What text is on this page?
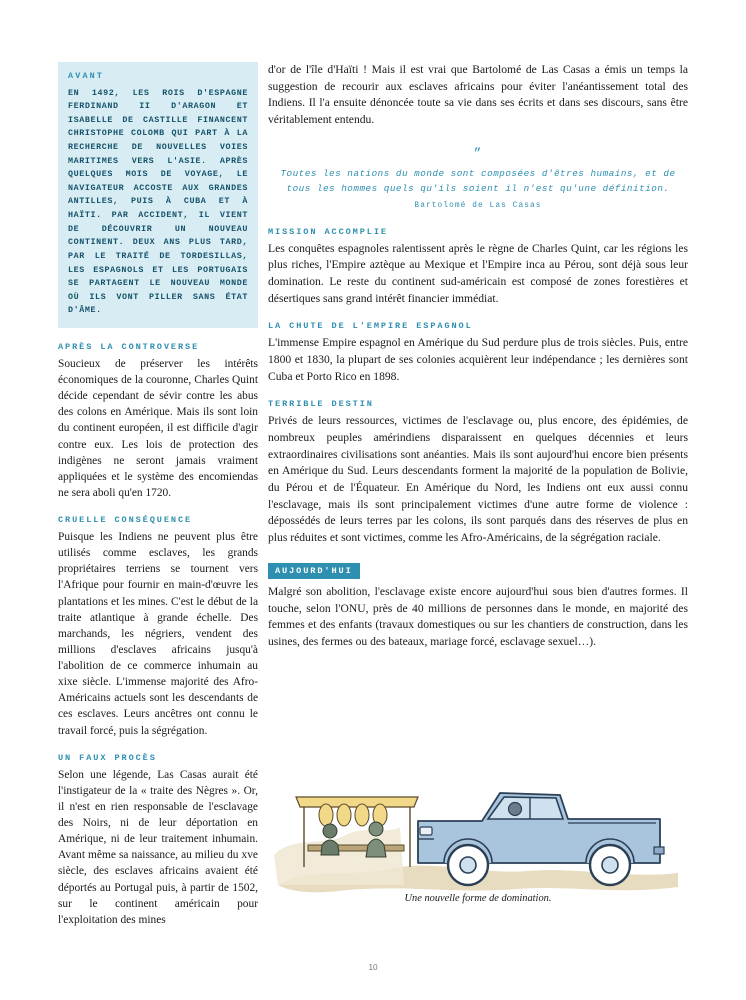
AVANT
EN 1492, LES ROIS D'ESPAGNE FERDINAND II D'ARAGON ET ISABELLE DE CASTILLE FINANCENT CHRISTOPHE COLOMB QUI PART À LA RECHERCHE DE NOUVELLES VOIES MARITIMES VERS L'ASIE. APRÈS QUELQUES MOIS DE VOYAGE, LE NAVIGATEUR ACCOSTE AUX GRANDES ANTILLES, PUIS À CUBA ET À HAÏTI. PAR ACCIDENT, IL VIENT DE DÉCOUVRIR UN NOUVEAU CONTINENT. DEUX ANS PLUS TARD, PAR LE TRAITÉ DE TORDESILLAS, LES ESPAGNOLS ET LES PORTUGAIS SE PARTAGENT LE NOUVEAU MONDE OÙ ILS VONT PILLER SANS ÉTAT D'ÂME.
APRÈS LA CONTROVERSE

Soucieux de préserver les intérêts économiques de la couronne, Charles Quint décide cependant de sévir contre les abus des colons en Amérique. Mais ils sont loin du continent européen, il est difficile d'agir contre eux. Les lois de protection des indigènes ne seront jamais vraiment appliquées et le système des encomiendas ne sera aboli qu'en 1720.

CRUELLE CONSÉQUENCE

Puisque les Indiens ne peuvent plus être utilisés comme esclaves, les grands propriétaires terriens se tournent vers l'Afrique pour fournir en main-d'œuvre les plantations et les mines. C'est le début de la traite atlantique à grande échelle. Des marchands, les négriers, vendent des millions d'esclaves africains jusqu'à l'abolition de ce commerce inhumain au xixe siècle. L'immense majorité des Afro-Américains actuels sont les descendants de ces esclaves. Leurs ancêtres ont connu le travail forcé, puis la ségrégation.

UN FAUX PROCÈS

Selon une légende, Las Casas aurait été l'instigateur de la « traite des Nègres ». Or, il n'est en rien responsable de l'esclavage des Noirs, ni de leur déportation en Amérique, ni de leur traitement inhumain. Avant même sa naissance, au milieu du xve siècle, des esclaves africains avaient été déportés au Portugal puis, à partir de 1502, sur le continent américain pour l'exploitation des mines

d'or de l'île d'Haïti ! Mais il est vrai que Bartolomé de Las Casas a émis un temps la suggestion de recourir aux esclaves africains pour éviter l'anéantissement total des Indiens. Il l'a ensuite dénoncée toute sa vie dans ses écrits et dans ses discours, sans être véritablement entendu.

”
Toutes les nations du monde sont composées d'êtres humains, et de tous les hommes quels qu'ils soient il n'est qu'une définition.
Bartolomé de Las Casas
MISSION ACCOMPLIE

Les conquêtes espagnoles ralentissent après le règne de Charles Quint, car les régions les plus riches, l'Empire aztèque au Mexique et l'Empire inca au Pérou, sont déjà sous leur domination. Le reste du continent sud-américain est composé de zones forestières et désertiques sans grand intérêt financier immédiat.

LA CHUTE DE L'EMPIRE ESPAGNOL

L'immense Empire espagnol en Amérique du Sud perdure plus de trois siècles. Puis, entre 1800 et 1830, la plupart de ses colonies acquièrent leur indépendance ; les dernières sont Cuba et Porto Rico en 1898.

TERRIBLE DESTIN

Privés de leurs ressources, victimes de l'esclavage ou, plus encore, des épidémies, de nombreux peuples amérindiens disparaissent en quelques décennies et leurs extraordinaires civilisations sont anéanties. Mais ils sont aujourd'hui encore bien présents en Amérique du Sud. Leurs descendants forment la majorité de la population de Bolivie, du Pérou et de l'Équateur. En Amérique du Nord, les Indiens ont eux aussi connu l'esclavage, mais ils sont principalement victimes d'une autre forme de violence : dépossédés de leurs terres par les colons, ils sont parqués dans des réserves de plus en plus réduites et sont victimes, comme les Afro-Américains, de la ségrégation raciale.

AUJOURD'HUI

Malgré son abolition, l'esclavage existe encore aujourd'hui sous bien d'autres formes. Il touche, selon l'ONU, près de 40 millions de personnes dans le monde, en majorité des femmes et des enfants (travaux domestiques ou sur les chantiers de construction, dans les usines, des fermes ou des bateaux, mariage forcé, esclavage sexuel…).

Une nouvelle forme de domination.
10
